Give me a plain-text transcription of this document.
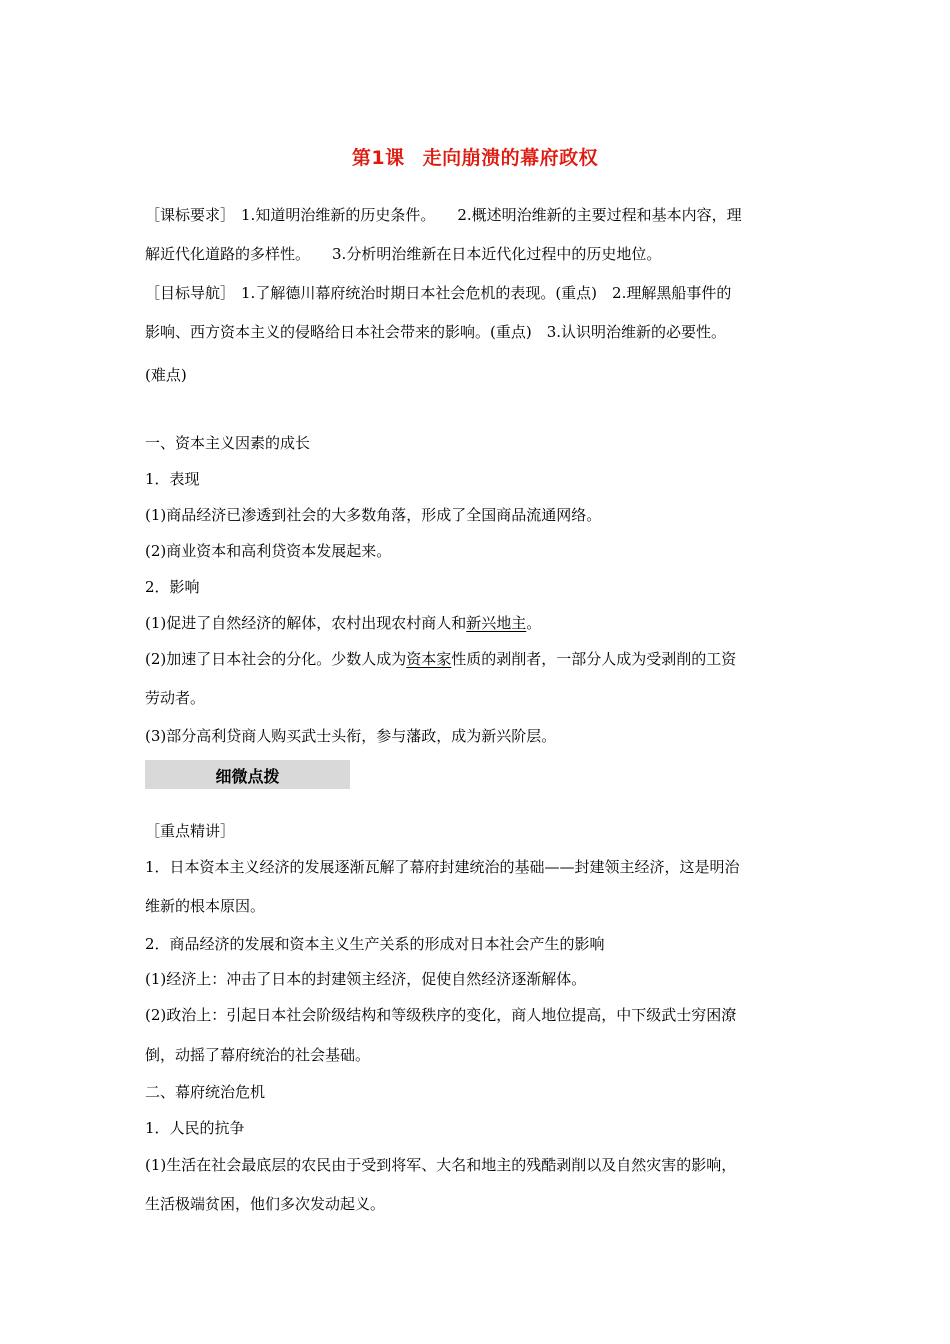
第1课 走向崩溃的幕府政权
［课标要求］ 1.知道明治维新的历史条件。 2.概述明治维新的主要过程和基本内容，理
解近代化道路的多样性。 3.分析明治维新在日本近代化过程中的历史地位。
［目标导航］ 1.了解德川幕府统治时期日本社会危机的表现。(重点)　2.理解黑船事件的
影响、西方资本主义的侵略给日本社会带来的影响。(重点)　3.认识明治维新的必要性。
(难点)
一、资本主义因素的成长
1．表现
(1)商品经济已渗透到社会的大多数角落，形成了全国商品流通网络。
(2)商业资本和高利贷资本发展起来。
2．影响
(1)促进了自然经济的解体，农村出现农村商人和新兴地主。
(2)加速了日本社会的分化。少数人成为资本家性质的剥削者，一部分人成为受剥削的工资
劳动者。
(3)部分高利贷商人购买武士头衔，参与藩政，成为新兴阶层。
细微点拨
［重点精讲］
1．日本资本主义经济的发展逐渐瓦解了幕府封建统治的基础——封建领主经济，这是明治
维新的根本原因。
2．商品经济的发展和资本主义生产关系的形成对日本社会产生的影响
(1)经济上：冲击了日本的封建领主经济，促使自然经济逐渐解体。
(2)政治上：引起日本社会阶级结构和等级秩序的变化，商人地位提高，中下级武士穷困潦
倒，动摇了幕府统治的社会基础。
二、幕府统治危机
1．人民的抗争
(1)生活在社会最底层的农民由于受到将军、大名和地主的残酷剥削以及自然灾害的影响，
生活极端贫困，他们多次发动起义。
